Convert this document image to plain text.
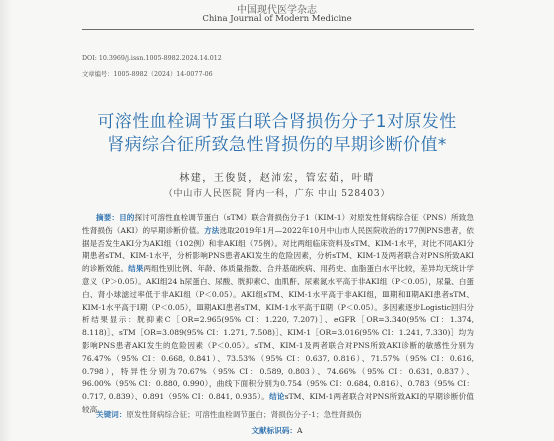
中国现代医学杂志
China Journal of Modern Medicine
DOI: 10.3969/j.issn.1005-8982.2024.14.012
文章编号：1005-8982（2024）14-0077-06
可溶性血栓调节蛋白联合肾损伤分子1对原发性
肾病综合征所致急性肾损伤的早期诊断价值*
林建，王俊贤，赵沛宏，管宏茹，叶晴
（中山市人民医院 肾内一科，广东 中山 528403）

摘要：目的探讨可溶性血栓调节蛋白（sTM）联合肾损伤分子1（KIM-1）对原发性肾病综合征（PNS）所致急性肾损伤（AKI）的早期诊断价值。方法选取2019年1月—2022年10月中山市人民医院收治的177例PNS患者，依据是否发生AKI分为AKI组（102例）和非AKI组（75例）。对比两组临床资料及sTM、KIM-1水平，对比不同AKI分期患者sTM、KIM-1水平，分析影响PNS患者AKI发生的危险因素，分析sTM、KIM-1及两者联合对PNS所致AKI的诊断效能。结果两组性别比例、年龄、体质量指数、合并基础疾病、用药史、血脂蛋白水平比较，差异均无统计学意义（P＞0.05）。AKI组24 h尿蛋白、尿酸、胱抑素C、血肌酐、尿素氮水平高于非AKI组（P＜0.05），尿量、白蛋白、肾小球滤过率低于非AKI组（P＜0.05）。AKI组sTM、KIM-1水平高于非AKI组，Ⅲ期和Ⅱ期AKI患者sTM、KIM-1水平高于Ⅰ期（P＜0.05），Ⅲ期AKI患者sTM、KIM-1水平高于Ⅱ期（P＜0.05）。多因素逐步Logistic回归分析结果显示：胱抑素C［OR=2.965(95% CI：1.220, 7.207)］、eGFR［OR=3.340(95% CI：1.374, 8.118)］、sTM［OR=3.089(95% CI：1.271, 7.508)］、KIM-1［OR=3.016(95% CI：1.241, 7.330)］均为影响PNS患者AKI发生的危险因素（P＜0.05）。sTM、KIM-1及两者联合对PNS所致AKI诊断的敏感性分别为76.47%（95% CI：0.668, 0.841）、73.53%（95% CI：0.637, 0.816）、71.57%（95% CI：0.616, 0.798），特异性分别为70.67%（95% CI：0.589, 0.803）、74.66%（95% CI：0.631, 0.837）、96.00%（95% CI：0.880, 0.990），曲线下面积分别为0.754（95% CI：0.684, 0.816）、0.783（95% CI：0.717, 0.839）、0.891（95% CI：0.841, 0.935）。结论sTM、KIM-1两者联合对PNS所致AKI的早期诊断价值较高。

关键词：原发性肾病综合征；可溶性血栓调节蛋白；肾损伤分子-1；急性肾损伤
文献标识码：A
